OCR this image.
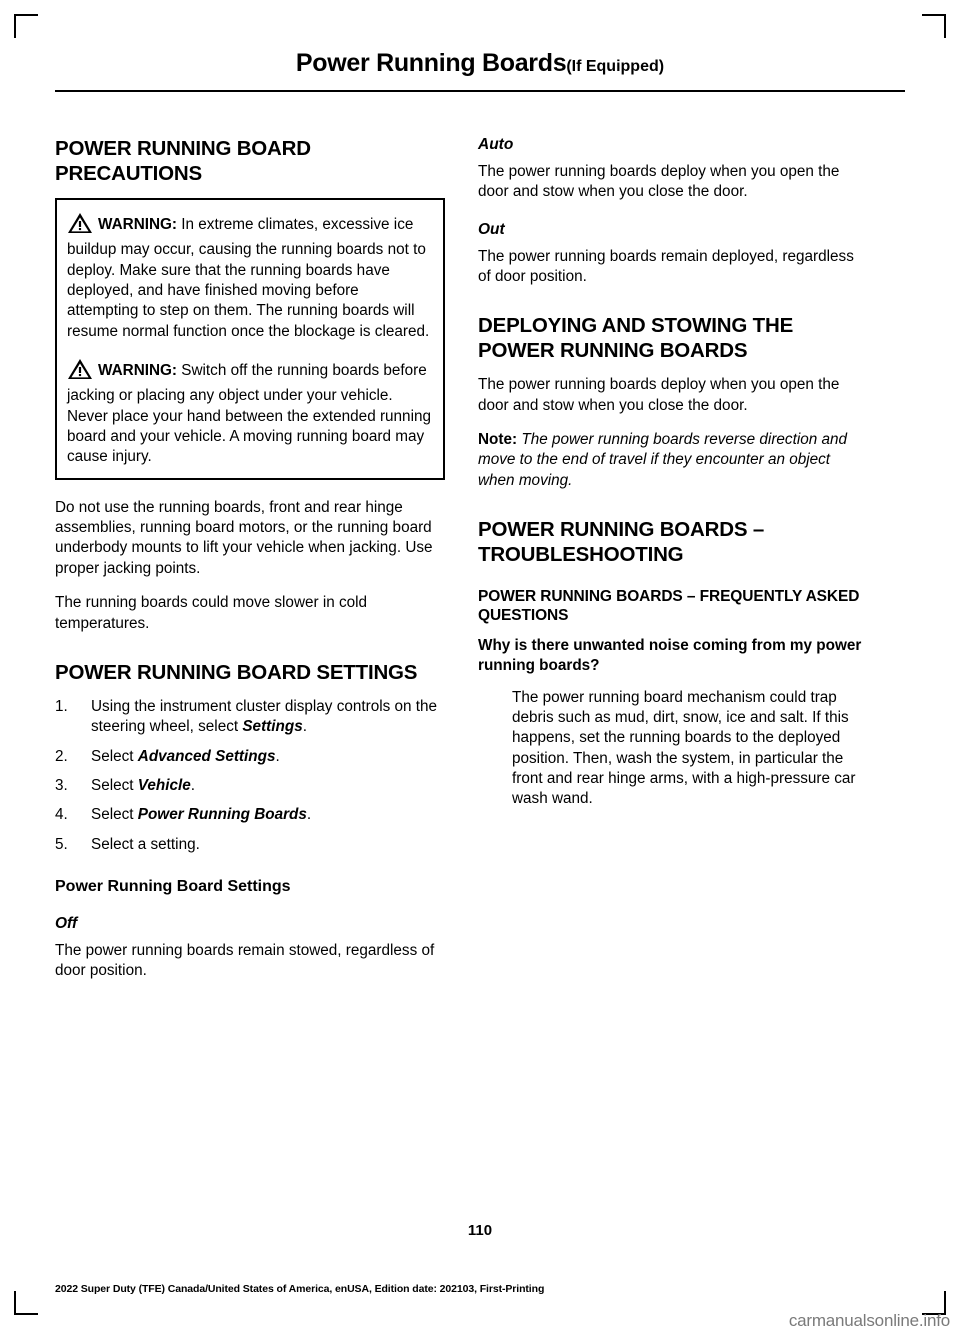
Power Running Boards(If Equipped)
POWER RUNNING BOARD PRECAUTIONS
WARNING: In extreme climates, excessive ice buildup may occur, causing the running boards not to deploy. Make sure that the running boards have deployed, and have finished moving before attempting to step on them. The running boards will resume normal function once the blockage is cleared.
WARNING: Switch off the running boards before jacking or placing any object under your vehicle. Never place your hand between the extended running board and your vehicle. A moving running board may cause injury.

Do not use the running boards, front and rear hinge assemblies, running board motors, or the running board underbody mounts to lift your vehicle when jacking. Use proper jacking points.

The running boards could move slower in cold temperatures.

POWER RUNNING BOARD SETTINGS
1.	Using the instrument cluster display controls on the steering wheel, select Settings.
2.	Select Advanced Settings.
3.	Select Vehicle.
4.	Select Power Running Boards.
5.	Select a setting.
Power Running Board Settings
Off

The power running boards remain stowed, regardless of door position.

Auto

The power running boards deploy when you open the door and stow when you close the door.

Out

The power running boards remain deployed, regardless of door position.

DEPLOYING AND STOWING THE POWER RUNNING BOARDS

The power running boards deploy when you open the door and stow when you close the door.

Note: The power running boards reverse direction and move to the end of travel if they encounter an object when moving.

POWER RUNNING BOARDS – TROUBLESHOOTING
POWER RUNNING BOARDS – FREQUENTLY ASKED QUESTIONS

Why is there unwanted noise coming from my power running boards?

The power running board mechanism could trap debris such as mud, dirt, snow, ice and salt. If this happens, set the running boards to the deployed position. Then, wash the system, in particular the front and rear hinge arms, with a high-pressure car wash wand.

110
2022 Super Duty (TFE) Canada/United States of America, enUSA, Edition date: 202103, First-Printing
carmanualsonline.info
